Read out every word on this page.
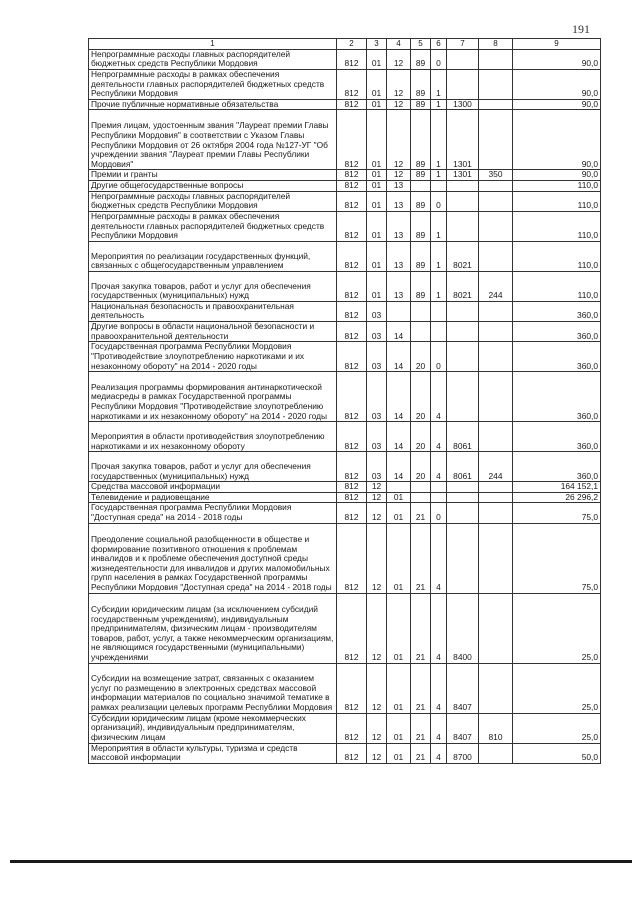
191
1	2	3	4	5	6	7	8	9
Непрограммные расходы главных распорядителей бюджетных средств Республики Мордовия	812	01	12	89	0			90,0
Непрограммные расходы в рамках обеспечения деятельности главных распорядителей бюджетных средств Республики Мордовия	812	01	12	89	1			90,0
Прочие публичные нормативные обязательства	812	01	12	89	1	1300		90,0
Премия лицам, удостоенным звания "Лауреат премии Главы Республики Мордовия" в соответствии с Указом Главы Республики Мордовия от 26 октября 2004 года №127-УГ "Об учреждении звания "Лауреат премии Главы Республики Мордовия"	812	01	12	89	1	1301		90,0
Премии и гранты	812	01	12	89	1	1301	350	90,0
Другие общегосударственные вопросы	812	01	13					110,0
Непрограммные расходы главных распорядителей бюджетных средств Республики Мордовия	812	01	13	89	0			110,0
Непрограммные расходы в рамках обеспечения деятельности главных распорядителей бюджетных средств Республики Мордовия	812	01	13	89	1			110,0
Мероприятия по реализации государственных функций, связанных с общегосударственным управлением	812	01	13	89	1	8021		110,0
Прочая закупка товаров, работ и услуг для обеспечения государственных (муниципальных) нужд	812	01	13	89	1	8021	244	110,0
Национальная безопасность и правоохранительная деятельность	812	03						360,0
Другие вопросы в области национальной безопасности и правоохранительной деятельности	812	03	14					360,0
Государственная программа Республики Мордовия "Противодействие злоупотреблению наркотиками и их незаконному обороту" на 2014 - 2020 годы	812	03	14	20	0			360,0
Реализация программы формирования антинаркотической медиасреды в рамках Государственной программы Республики Мордовия "Противодействие злоупотреблению наркотиками и их незаконному обороту" на 2014 - 2020 годы	812	03	14	20	4			360,0
Мероприятия в области противодействия злоупотреблению наркотиками и их незаконному обороту	812	03	14	20	4	8061		360,0
Прочая закупка товаров, работ и услуг для обеспечения государственных (муниципальных) нужд	812	03	14	20	4	8061	244	360,0
Средства массовой информации	812	12						164 152,1
Телевидение и радиовещание	812	12	01					26 296,2
Государственная программа Республики Мордовия "Доступная среда" на 2014 - 2018 годы	812	12	01	21	0			75,0
Преодоление социальной разобщенности в обществе и формирование позитивного отношения к проблемам инвалидов и к проблеме обеспечения доступной среды жизнедеятельности для инвалидов и других маломобильных групп населения в рамках Государственной программы Республики Мордовия "Доступная среда" на 2014 - 2018 годы	812	12	01	21	4			75,0
Субсидии юридическим лицам (за исключением субсидий государственным учреждениям), индивидуальным предпринимателям, физическим лицам - производителям товаров, работ, услуг, а также некоммерческим организациям, не являющимся государственными (муниципальными) учреждениями	812	12	01	21	4	8400		25,0
Субсидии на возмещение затрат, связанных с оказанием услуг по размещению в электронных средствах массовой информации материалов по социально значимой тематике в рамках реализации целевых программ Республики Мордовия	812	12	01	21	4	8407		25,0
Субсидии юридическим лицам (кроме некоммерческих организаций), индивидуальным предпринимателям, физическим лицам	812	12	01	21	4	8407	810	25,0
Мероприятия в области культуры, туризма и средств массовой информации	812	12	01	21	4	8700		50,0
